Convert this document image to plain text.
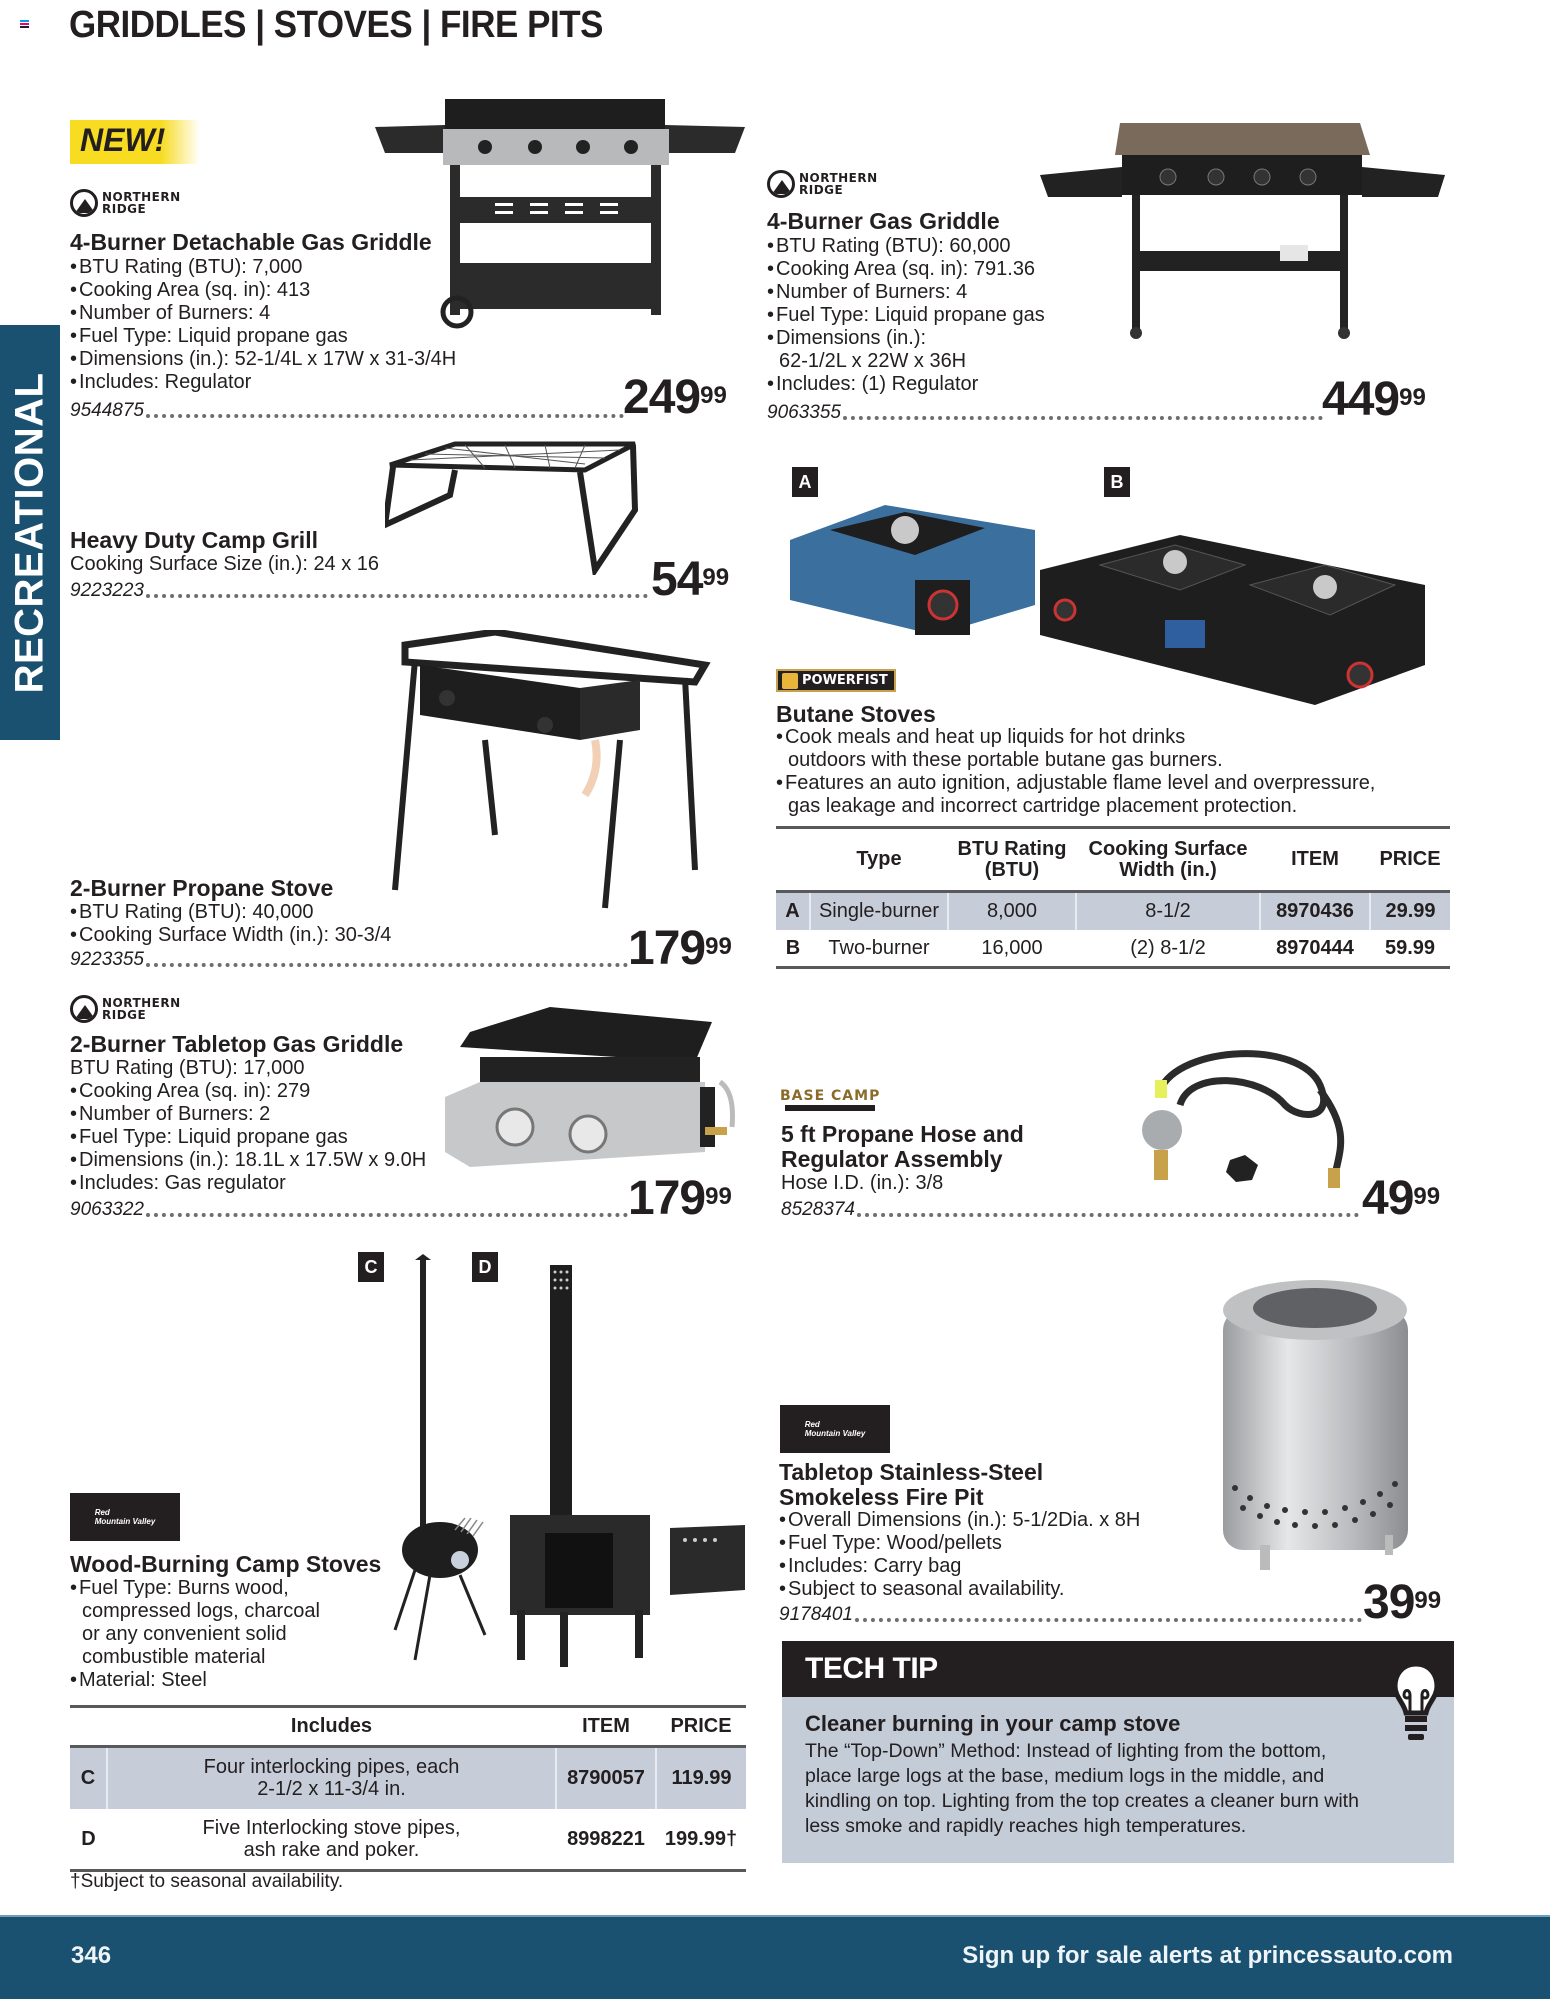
GRIDDLES | STOVES | FIRE PITS
RECREATIONAL
NEW!
NORTHERN
RIDGE
4-Burner Detachable Gas Griddle
• BTU Rating (BTU): 7,000
• Cooking Area (sq. in): 413
• Number of Burners: 4
• Fuel Type: Liquid propane gas
• Dimensions (in.): 52-1/4L x 17W x 31-3/4H
• Includes: Regulator
9544875	$249^{99}$
NORTHERN
RIDGE
4-Burner Gas Griddle
• BTU Rating (BTU): 60,000
• Cooking Area (sq. in): 791.36
• Number of Burners: 4
• Fuel Type: Liquid propane gas
• Dimensions (in.):
62-1/2L x 22W x 36H
• Includes: (1) Regulator
9063355	$449^{99}$
Heavy Duty Camp Grill
Cooking Surface Size (in.): 24 x 16
9223223	$54^{99}$
2-Burner Propane Stove
• BTU Rating (BTU): 40,000
• Cooking Surface Width (in.): 30-3/4
9223355	$179^{99}$
A	B
POWERFIST
Butane Stoves
• Cook meals and heat up liquids for hot drinks
outdoors with these portable butane gas burners.
• Features an auto ignition, adjustable flame level and overpressure,
gas leakage and incorrect cartridge placement protection.
	Type	BTU Rating
(BTU)	Cooking Surface
Width (in.)	ITEM	PRICE
A	Single-burner	8,000	8-1/2	8970436	29.99
B	Two-burner	16,000	(2) 8-1/2	8970444	59.99
NORTHERN
RIDGE
2-Burner Tabletop Gas Griddle
BTU Rating (BTU): 17,000
• Cooking Area (sq. in): 279
• Number of Burners: 2
• Fuel Type: Liquid propane gas
• Dimensions (in.): 18.1L x 17.5W x 9.0H
• Includes: Gas regulator
9063322	$179^{99}$
BASE CAMP
5 ft Propane Hose and
Regulator Assembly
Hose I.D. (in.): 3/8
8528374	$49^{99}$
C	D
Red
Mountain Valley
Wood-Burning Camp Stoves
• Fuel Type: Burns wood,
compressed logs, charcoal
or any convenient solid
combustible material
• Material: Steel
	Includes	ITEM	PRICE
C	Four interlocking pipes, each
2-1/2 x 11-3/4 in.	8790057	119.99
D	Five Interlocking stove pipes,
ash rake and poker.	8998221	199.99†
†Subject to seasonal availability.
Red
Mountain Valley
Tabletop Stainless-Steel
Smokeless Fire Pit
• Overall Dimensions (in.): 5-1/2Dia. x 8H
• Fuel Type: Wood/pellets
• Includes: Carry bag
• Subject to seasonal availability.
9178401	$39^{99}$
TECH TIP
Cleaner burning in your camp stove

The “Top-Down” Method: Instead of lighting from the bottom,
place large logs at the base, medium logs in the middle, and
kindling on top. Lighting from the top creates a cleaner burn with
less smoke and rapidly reaches high temperatures.

346	Sign up for sale alerts at princessauto.com
